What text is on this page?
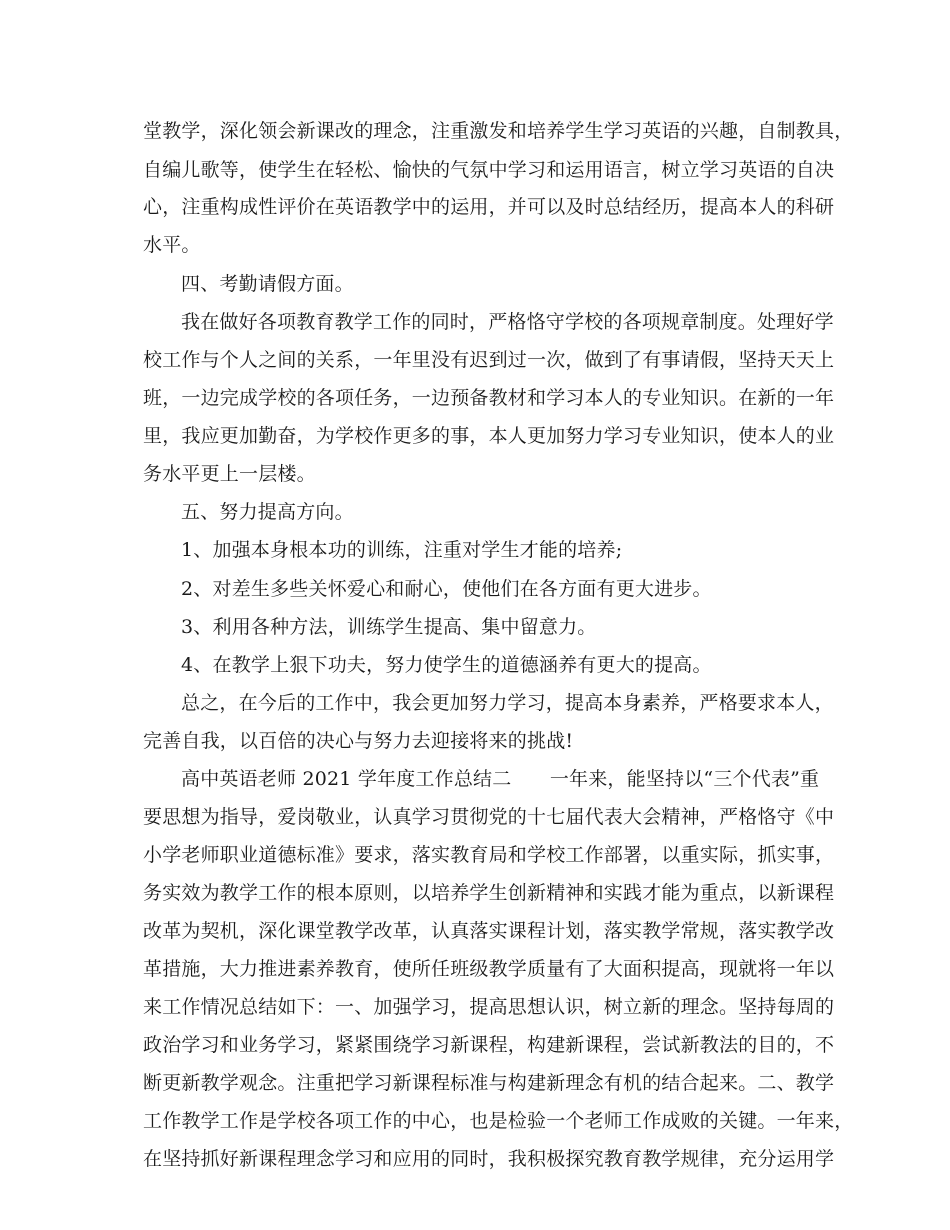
堂教学，深化领会新课改的理念，注重激发和培养学生学习英语的兴趣，自制教具，
自编儿歌等，使学生在轻松、愉快的气氛中学习和运用语言，树立学习英语的自决
心，注重构成性评价在英语教学中的运用，并可以及时总结经历，提高本人的科研
水平。
四、考勤请假方面。
我在做好各项教育教学工作的同时，严格恪守学校的各项规章制度。处理好学
校工作与个人之间的关系，一年里没有迟到过一次，做到了有事请假，坚持天天上
班，一边完成学校的各项任务，一边预备教材和学习本人的专业知识。在新的一年
里，我应更加勤奋，为学校作更多的事，本人更加努力学习专业知识，使本人的业
务水平更上一层楼。
五、努力提高方向。
1、加强本身根本功的训练，注重对学生才能的培养;
2、对差生多些关怀爱心和耐心，使他们在各方面有更大进步。
3、利用各种方法，训练学生提高、集中留意力。
4、在教学上狠下功夫，努力使学生的道德涵养有更大的提高。
总之，在今后的工作中，我会更加努力学习，提高本身素养，严格要求本人，
完善自我，以百倍的决心与努力去迎接将来的挑战!
高中英语老师 2021 学年度工作总结二　　一年来，能坚持以“三个代表”重
要思想为指导，爱岗敬业，认真学习贯彻党的十七届代表大会精神，严格恪守《中
小学老师职业道德标准》要求，落实教育局和学校工作部署，以重实际，抓实事，
务实效为教学工作的根本原则，以培养学生创新精神和实践才能为重点，以新课程
改革为契机，深化课堂教学改革，认真落实课程计划，落实教学常规，落实教学改
革措施，大力推进素养教育，使所任班级教学质量有了大面积提高，现就将一年以
来工作情况总结如下：一、加强学习，提高思想认识，树立新的理念。坚持每周的
政治学习和业务学习，紧紧围绕学习新课程，构建新课程，尝试新教法的目的，不
断更新教学观念。注重把学习新课程标准与构建新理念有机的结合起来。二、教学
工作教学工作是学校各项工作的中心，也是检验一个老师工作成败的关键。一年来，
在坚持抓好新课程理念学习和应用的同时，我积极探究教育教学规律，充分运用学
